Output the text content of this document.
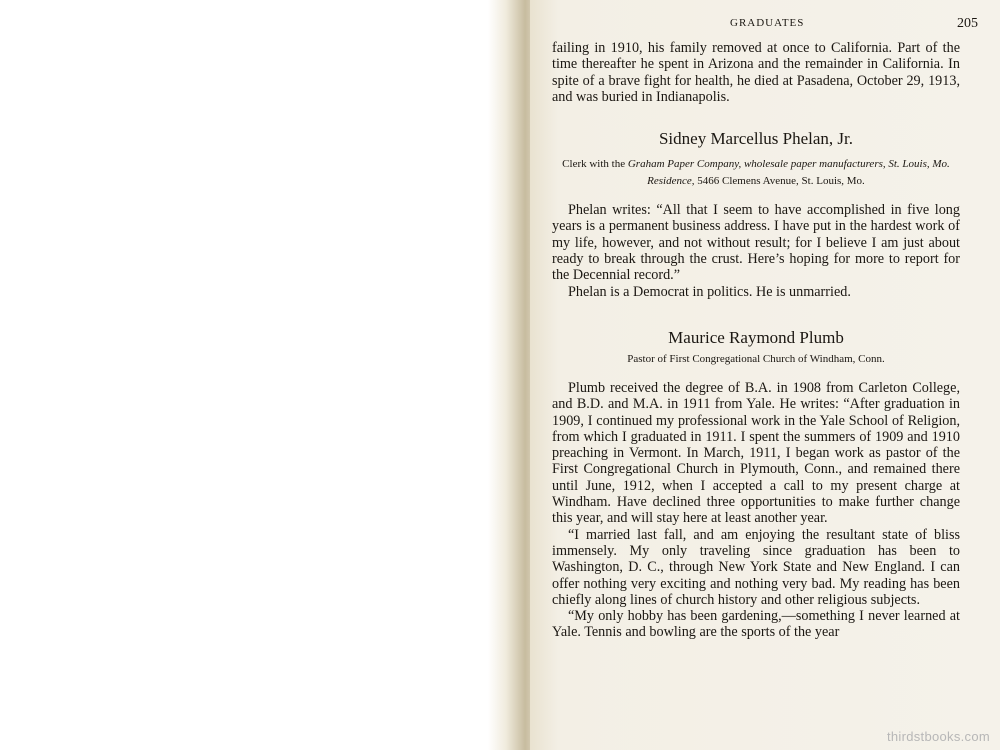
GRADUATES	205

failing in 1910, his family removed at once to California. Part of the time thereafter he spent in Arizona and the remainder in California. In spite of a brave fight for health, he died at Pasadena, October 29, 1913, and was buried in Indianapolis.

Sidney Marcellus Phelan, Jr.

Clerk with the Graham Paper Company, wholesale paper manufacturers, St. Louis, Mo.

Residence, 5466 Clemens Avenue, St. Louis, Mo.

Phelan writes: “All that I seem to have accomplished in five long years is a permanent business address. I have put in the hardest work of my life, however, and not without result; for I believe I am just about ready to break through the crust. Here’s hoping for more to report for the Decennial record.”

Phelan is a Democrat in politics. He is unmarried.

Maurice Raymond Plumb

Pastor of First Congregational Church of Windham, Conn.

Plumb received the degree of B.A. in 1908 from Carleton College, and B.D. and M.A. in 1911 from Yale. He writes: “After graduation in 1909, I continued my professional work in the Yale School of Religion, from which I graduated in 1911. I spent the summers of 1909 and 1910 preaching in Vermont. In March, 1911, I began work as pastor of the First Congregational Church in Plymouth, Conn., and remained there until June, 1912, when I accepted a call to my present charge at Windham. Have declined three opportunities to make further change this year, and will stay here at least another year.

“I married last fall, and am enjoying the resultant state of bliss immensely. My only traveling since graduation has been to Washington, D. C., through New York State and New England. I can offer nothing very exciting and nothing very bad. My reading has been chiefly along lines of church history and other religious subjects.

“My only hobby has been gardening,—something I never learned at Yale. Tennis and bowling are the sports of the year

thirdstbooks.com
